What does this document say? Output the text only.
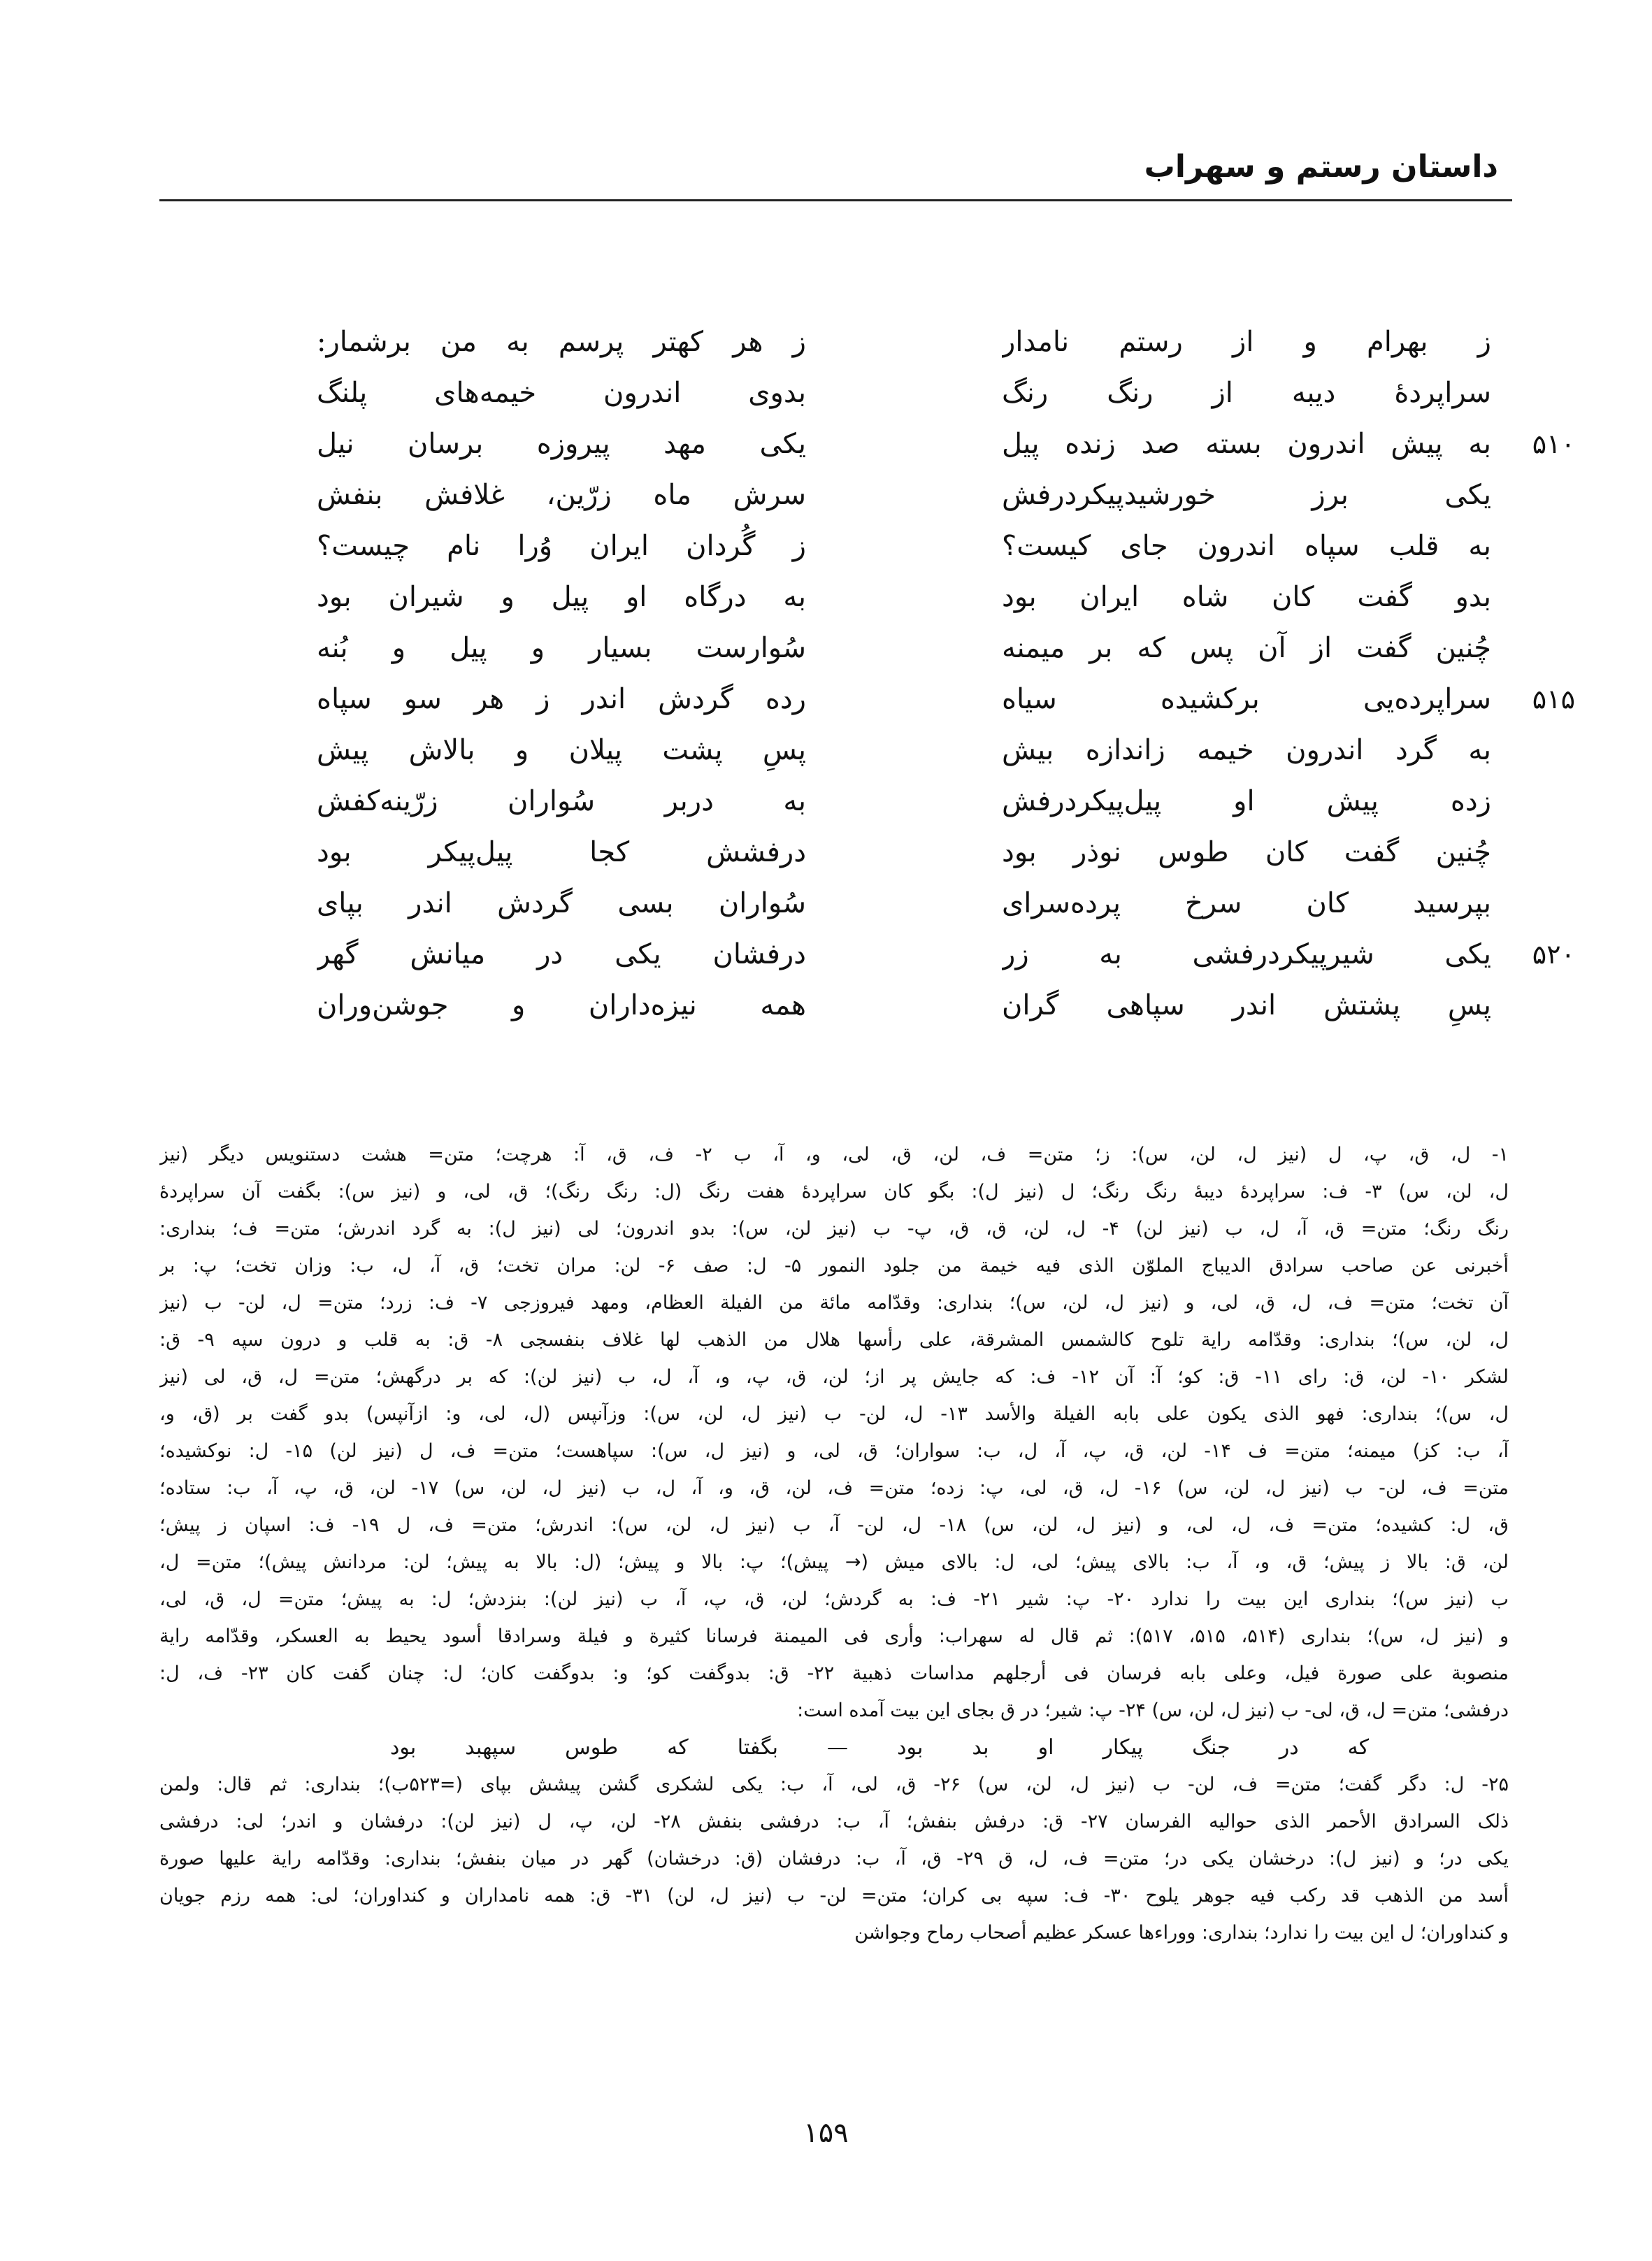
داستان رستم و سهراب
ز بهرام و از رستم نامدار
ز هر کهتر پرسم به من برشمار:
سراپردهٔ دیبه از رنگ رنگ
بدوی اندرون خیمه‌های پلنگ
۵۱۰
به پیش اندرون بسته صد زنده پیل
یکی مهد پیروزه برسان نیل
یکی برز خورشیدپیکردرفش
سرش ماه زرّین، غلافش بنفش
به قلب سپاه اندرون جای کیست؟
ز گُردان ایران وُرا نام چیست؟
بدو گفت کان شاه ایران بود
به درگاه او پیل و شیران بود
چُنین گفت از آن پس که بر میمنه
سُوارست بسیار و پیل و بُنه
۵۱۵
سراپرده‌یی برکشیده سیاه
رده گردش اندر ز هر سو سپاه
به گرد اندرون خیمه زاندازه بیش
پسِ پشت پیلان و بالاش پیش
زده پیش او پیل‌پیکردرفش
به دربر سُواران زرّینه‌کفش
چُنین گفت کان طوس نوذر بود
درفشش کجا پیل‌پیکر بود
بپرسید کان سرخ پرده‌سرای
سُواران بسی گردش اندر بپای
۵۲۰
یکی شیرپیکردرفشی به زر
درفشان یکی در میانش گهر
پسِ پشتش اندر سپاهی گران
همه نیزه‌داران و جوشن‌وران
۱- ل، ق، پ، ل (نیز ل، لن، س): ز؛ متن= ف، لن، ق، لی، و، آ، ب ۲- ف، ق، آ: هرچت؛ متن= هشت دستنویس دیگر (نیز
ل، لن، س) ۳- ف: سراپردهٔ دیبهٔ رنگ رنگ؛ ل (نیز ل): بگو کان سراپردهٔ هفت رنگ (ل: رنگ رنگ)؛ ق، لی، و (نیز س): بگفت آن سراپردهٔ
رنگ رنگ؛ متن= ق، آ، ل، ب (نیز لن) ۴- ل، لن، ق، ق، پ- ب (نیز لن، س): بدو اندرون؛ لی (نیز ل): به گرد اندرش؛ متن= ف؛ بنداری:
أخبرنی عن صاحب سرادق الدیباج الملوّن الذی فیه خیمة من جلود النمور ۵- ل: صف ۶- لن: مران تخت؛ ق، آ، ل، ب: وزان تخت؛ پ: بر
آن تخت؛ متن= ف، ل، ق، لی، و (نیز ل، لن، س)؛ بنداری: وقدّامه مائة من الفیلة العظام، ومهد فیروزجی ۷- ف: زرد؛ متن= ل، لن- ب (نیز
ل، لن، س)؛ بنداری: وقدّامه رایة تلوح کالشمس المشرقة، علی رأسها هلال من الذهب لها غلاف بنفسجی ۸- ق: به قلب و درون سپه ۹- ق:
لشکر ۱۰- لن، ق: رای ۱۱- ق: کو؛ آ: آن ۱۲- ف: که جایش پر از؛ لن، ق، پ، و، آ، ل، ب (نیز لن): که بر درگهش؛ متن= ل، ق، لی (نیز
ل، س)؛ بنداری: فهو الذی یکون علی بابه الفیلة والأسد ۱۳- ل، لن- ب (نیز ل، لن، س): وزآنپس (ل، لی، و: ازآنپس) بدو گفت بر (ق، و،
آ، ب: کز) میمنه؛ متن= ف ۱۴- لن، ق، پ، آ، ل، ب: سواران؛ ق، لی، و (نیز ل، س): سپاهست؛ متن= ف، ل (نیز لن) ۱۵- ل: نوکشیده؛
متن= ف، لن- ب (نیز ل، لن، س) ۱۶- ل، ق، لی، پ: زده؛ متن= ف، لن، ق، و، آ، ل، ب (نیز ل، لن، س) ۱۷- لن، ق، پ، آ، ب: ستاده؛
ق، ل: کشیده؛ متن= ف، ل، لی، و (نیز ل، لن، س) ۱۸- ل، لن- آ، ب (نیز ل، لن، س): اندرش؛ متن= ف، ل ۱۹- ف: اسپان ز پیش؛
لن، ق: بالا ز پیش؛ ق، و، آ، ب: بالای پیش؛ لی، ل: بالای میش (→ پیش)؛ پ: بالا و پیش؛ (ل: بالا به پیش؛ لن: مردانش پیش)؛ متن= ل،
ب (نیز س)؛ بنداری این بیت را ندارد ۲۰- پ: شیر ۲۱- ف: به گردش؛ لن، ق، پ، آ، ب (نیز لن): بنزدش؛ ل: به پیش؛ متن= ل، ق، لی،
و (نیز ل، س)؛ بنداری (۵۱۴، ۵۱۵، ۵۱۷): ثم قال له سهراب: وأری فی المیمنة فرسانا کثیرة و فیلة وسرادقا أسود یحیط به العسکر، وقدّامه رایة
منصوبة علی صورة فیل، وعلی بابه فرسان فی أرجلهم مداسات ذهبیة ۲۲- ق: بدوگفت کو؛ و: بدوگفت کان؛ ل: چنان گفت کان ۲۳- ف، ل:
درفشی؛ متن= ل، ق، لی- ب (نیز ل، لن، س) ۲۴- پ: شیر؛ در ق بجای این بیت آمده است:
که در جنگ پیکار او بد بود — بگفتا که طوس سپهبد بود
۲۵- ل: دگر گفت؛ متن= ف، لن- ب (نیز ل، لن، س) ۲۶- ق، لی، آ، ب: یکی لشکری گشن پیشش بپای (=۵۲۳ب)؛ بنداری: ثم قال: ولمن
ذلک السرادق الأحمر الذی حوالیه الفرسان ۲۷- ق: درفش بنفش؛ آ، ب: درفشی بنفش ۲۸- لن، پ، ل (نیز لن): درفشان و اندر؛ لی: درفشی
یکی در؛ و (نیز ل): درخشان یکی در؛ متن= ف، ل، ق ۲۹- ق، آ، ب: درفشان (ق: درخشان) گهر در میان بنفش؛ بنداری: وقدّامه رایة علیها صورة
أسد من الذهب قد رکب فیه جوهر یلوح ۳۰- ف: سپه بی کران؛ متن= لن- ب (نیز ل، لن) ۳۱- ق: همه نامداران و کنداوران؛ لی: همه رزم جویان
و کنداوران؛ ل این بیت را ندارد؛ بنداری: ووراءها عسکر عظیم أصحاب رماح وجواشن
۱۵۹
